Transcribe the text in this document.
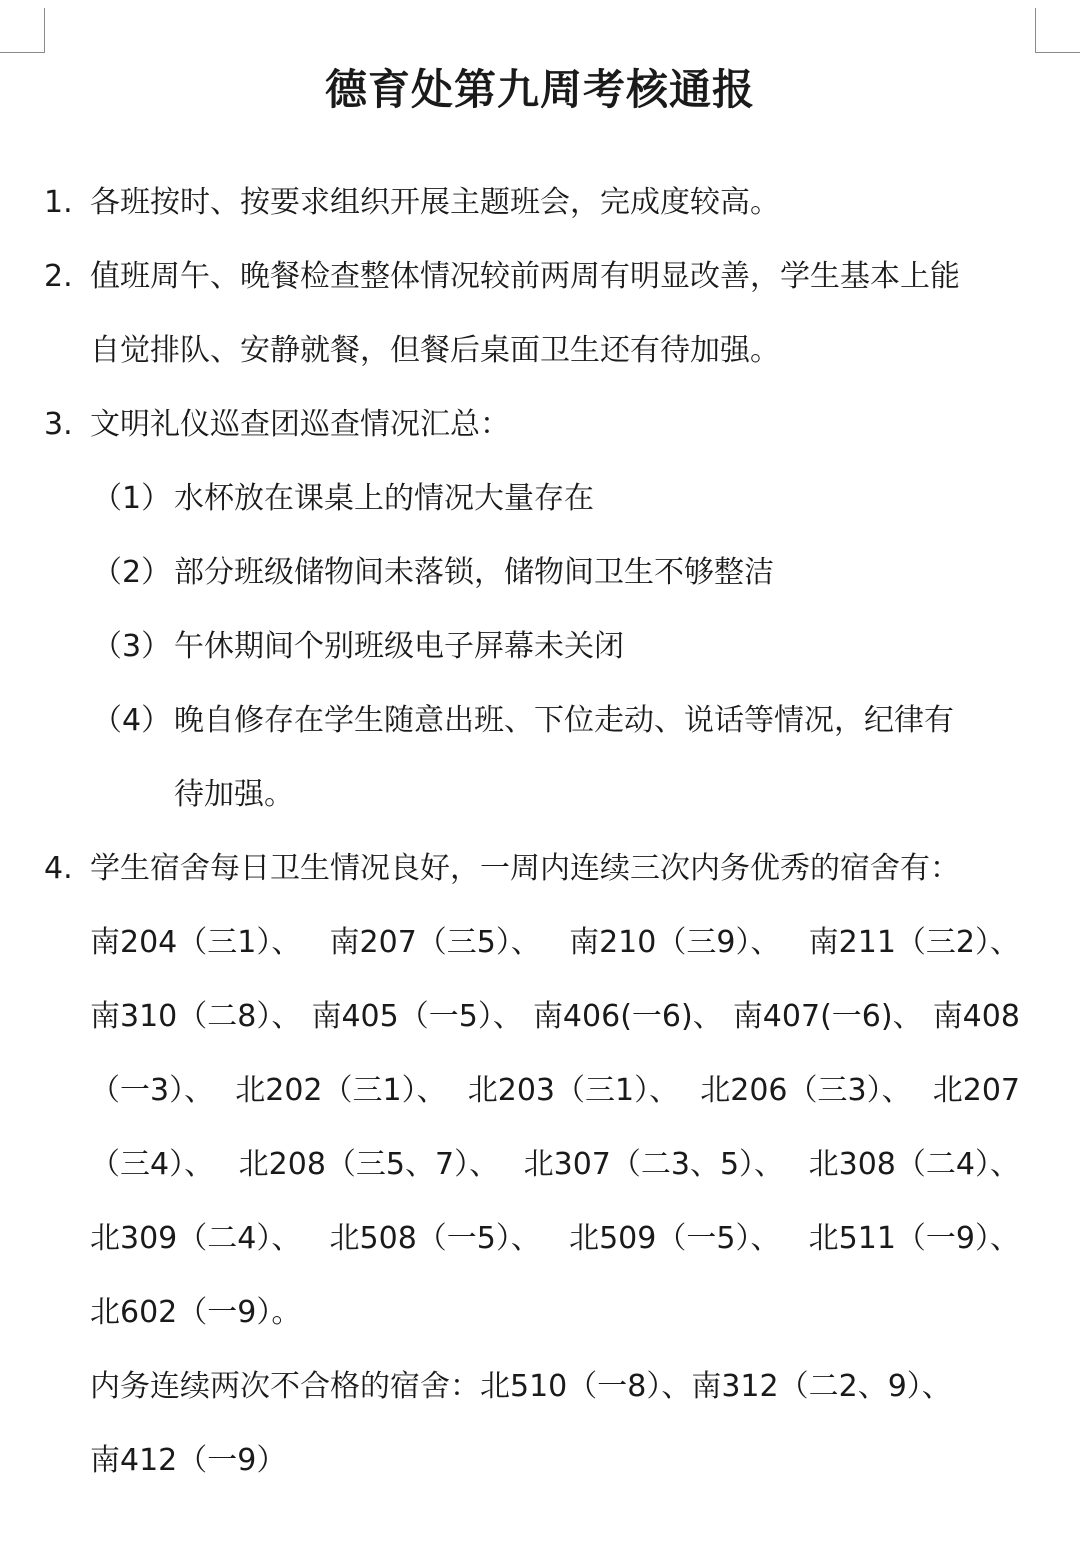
德育处第九周考核通报
1. 各班按时、按要求组织开展主题班会，完成度较高。
2. 值班周午、晚餐检查整体情况较前两周有明显改善，学生基本上能
自觉排队、安静就餐，但餐后桌面卫生还有待加强。
3. 文明礼仪巡查团巡查情况汇总：
（1） 水杯放在课桌上的情况大量存在
（2） 部分班级储物间未落锁，储物间卫生不够整洁
（3） 午休期间个别班级电子屏幕未关闭
（4） 晚自修存在学生随意出班、下位走动、说话等情况，纪律有
待加强。
4. 学生宿舍每日卫生情况良好，一周内连续三次内务优秀的宿舍有：
南204（三1）、 南207（三5）、 南210（三9）、 南211（三2）、
南310（二8）、 南405（一5）、 南406(一6)、 南407(一6)、 南408
（一3）、 北202（三1）、 北203（三1）、 北206（三3）、 北207
（三4）、 北208（三5、7）、 北307（二3、5）、 北308（二4）、
北309（二4）、 北508（一5）、 北509（一5）、 北511（一9）、
北602（一9）。
内务连续两次不合格的宿舍：北510（一8）、南312（二2、9）、
南412（一9）
